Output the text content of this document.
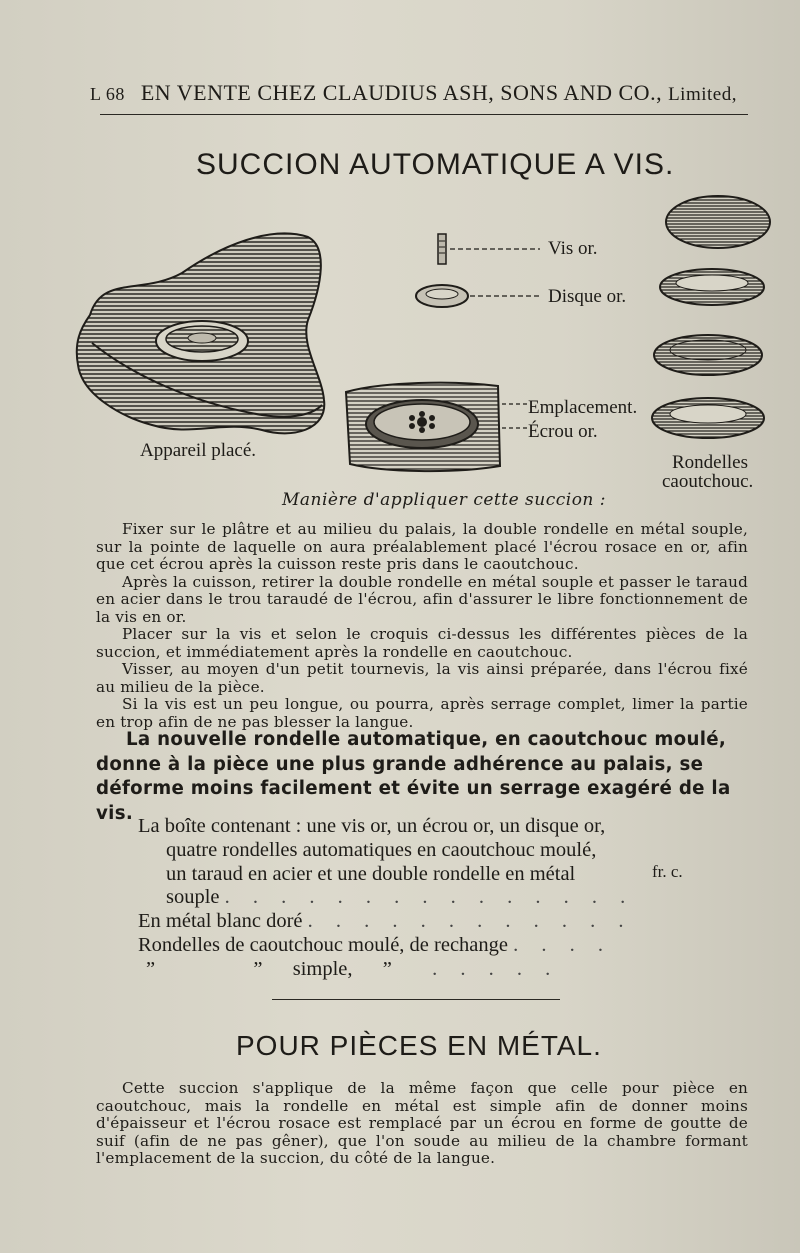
L 68 EN VENTE CHEZ CLAUDIUS ASH, SONS AND CO., Limited,
SUCCION AUTOMATIQUE A VIS.
Appareil placé.
Vis or.
Disque or.
Emplacement.
Écrou or.
Rondelles
caoutchouc.
Manière d'appliquer cette succion :

Fixer sur le plâtre et au milieu du palais, la double rondelle en métal souple, sur la pointe de laquelle on aura préalablement placé l'écrou rosace en or, afin que cet écrou après la cuisson reste pris dans le caoutchouc.

Après la cuisson, retirer la double rondelle en métal souple et passer le taraud en acier dans le trou taraudé de l'écrou, afin d'assurer le libre fonctionnement de la vis en or.

Placer sur la vis et selon le croquis ci-dessus les différentes pièces de la succion, et immédiatement après la rondelle en caoutchouc.

Visser, au moyen d'un petit tournevis, la vis ainsi préparée, dans l'écrou fixé au milieu de la pièce.

Si la vis est un peu longue, ou pourra, après serrage complet, limer la partie en trop afin de ne pas blesser la langue.

La nouvelle rondelle automatique, en caoutchouc moulé, donne à la pièce une plus grande adhérence au palais, se déforme moins facilement et évite un serrage exagéré de la vis.
La boîte contenant : une vis or, un écrou or, un disque or,
quatre rondelles automatiques en caoutchouc moulé,
un taraud en acier et une double rondelle en métal
souple . . . . . . . . . . . . . . .
En métal blanc doré . . . . . . . . . . . .
Rondelles de caoutchouc moulé, de rechange . . . .
”	” simple, ” . . . . .
fr. c.
POUR PIÈCES EN MÉTAL.

Cette succion s'applique de la même façon que celle pour pièce en caoutchouc, mais la rondelle en métal est simple afin de donner moins d'épaisseur et l'écrou rosace est remplacé par un écrou en forme de goutte de suif (afin de ne pas gêner), que l'on soude au milieu de la chambre formant l'emplacement de la succion, du côté de la langue.
